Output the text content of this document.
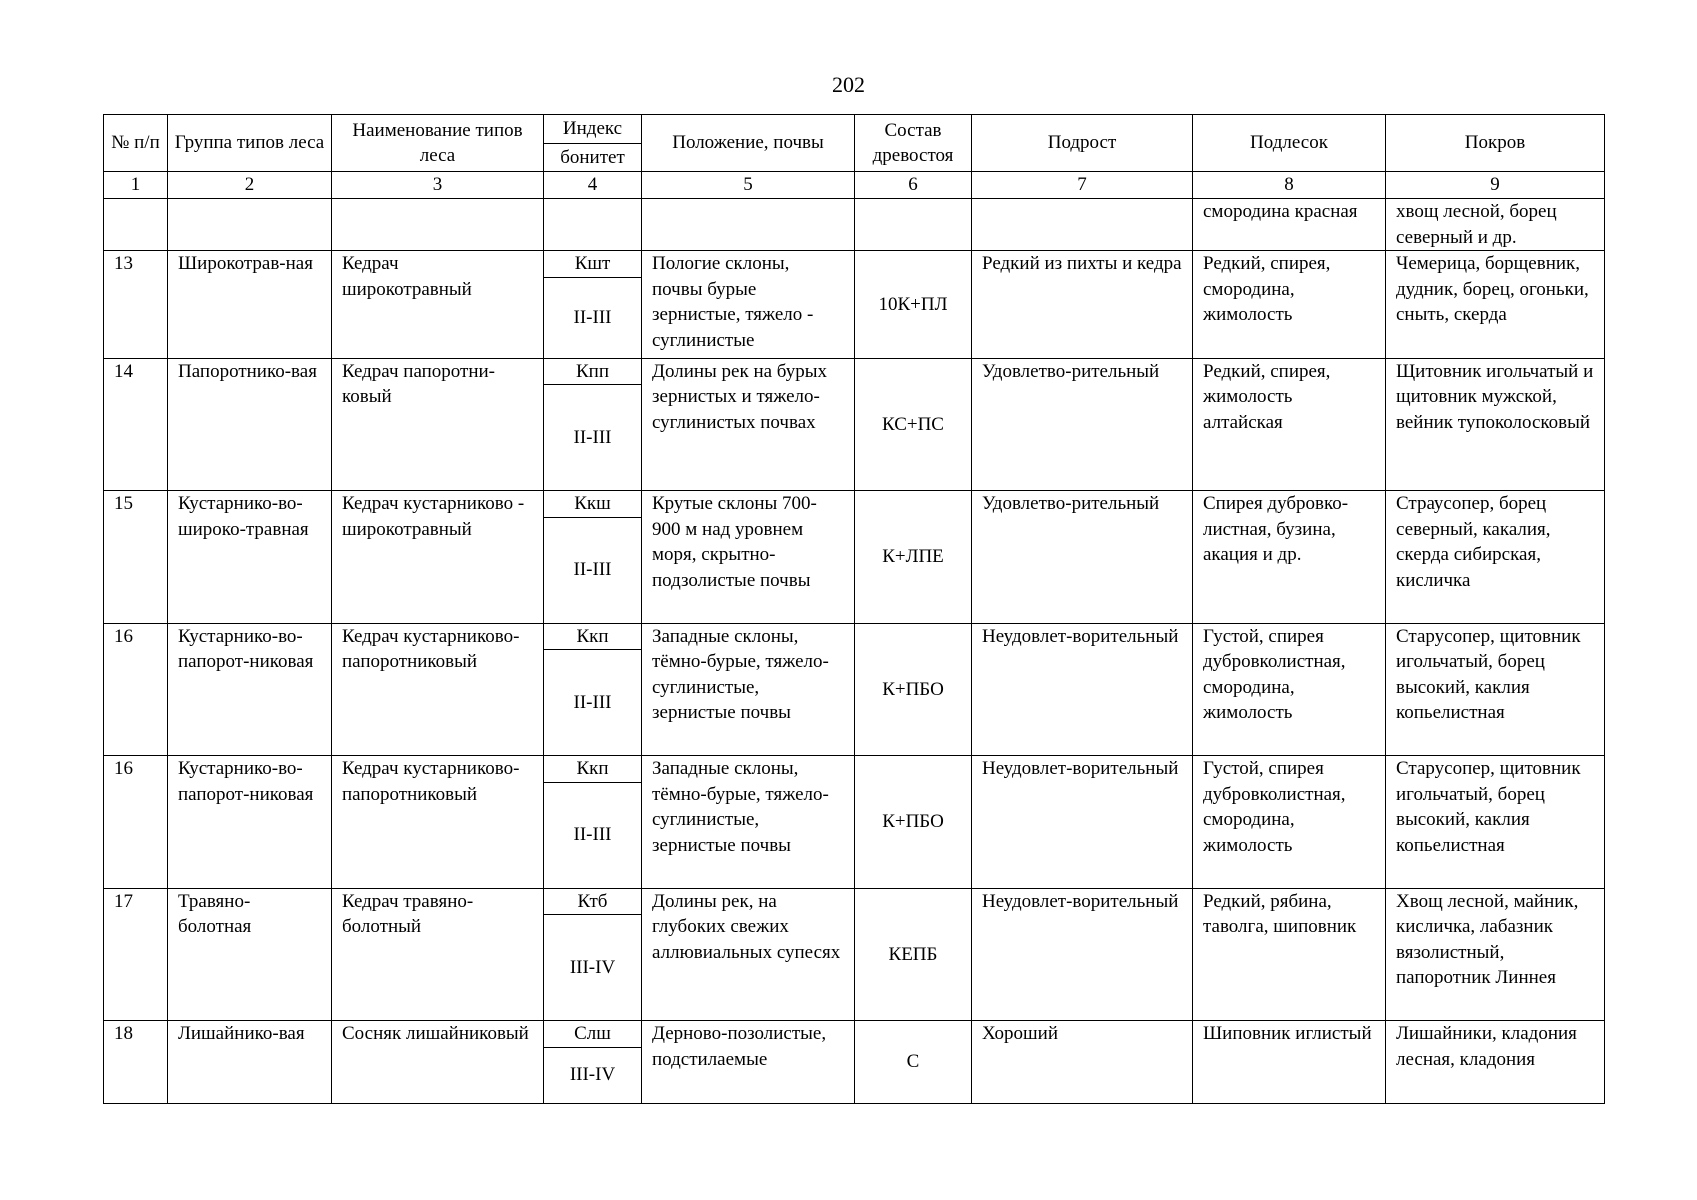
202
№ п/п	Группа типов леса	Наименование типов леса	Индекс	Положение, почвы	Состав древостоя	Подрост	Подлесок	Покров
			бонитет					
1	2	3	4	5	6	7	8	9
							смородина красная	хвощ лесной, борец северный и др.
13	Широкотрав-ная	Кедрач широкотравный	Кшт	Пологие склоны, почвы бурые зернистые, тяжело - суглинистые	10К+ПЛ	Редкий из пихты и кедра	Редкий, спирея, смородина, жимолость	Чемерица, борщевник, дудник, борец, огоньки, сныть, скерда
			II-III					
14	Папоротнико-вая	Кедрач папоротни-ковый	Кпп	Долины рек на бурых зернистых и тяжело-суглинистых почвах	КС+ПС	Удовлетво-рительный	Редкий, спирея, жимолость алтайская	Щитовник игольчатый и щитовник мужской, вейник тупоколосковый
			II-III					
15	Кустарнико-во-широко-травная	Кедрач кустарниково - широкотравный	Ккш	Крутые склоны 700-900 м над уровнем моря, скрытно-подзолистые почвы	К+ЛПЕ	Удовлетво-рительный	Спирея дубровко-листная, бузина, акация и др.	Страусопер, борец северный, какалия, скерда сибирская, кисличка
			II-III					
16	Кустарнико-во-папорот-никовая	Кедрач кустарниково-папоротниковый	Ккп	Западные склоны, тёмно-бурые, тяжело-суглинистые, зернистые почвы	К+ПБО	Неудовлет-ворительный	Густой, спирея дубровколистная, смородина, жимолость	Старусопер, щитовник игольчатый, борец высокий, каклия копьелистная
			II-III					
16	Кустарнико-во-папорот-никовая	Кедрач кустарниково-папоротниковый	Ккп	Западные склоны, тёмно-бурые, тяжело-суглинистые, зернистые почвы	К+ПБО	Неудовлет-ворительный	Густой, спирея дубровколистная, смородина, жимолость	Старусопер, щитовник игольчатый, борец высокий, каклия копьелистная
			II-III					
17	Травяно-болотная	Кедрач травяно-болотный	Ктб	Долины рек, на глубоких свежих аллювиальных супесях	КЕПБ	Неудовлет-ворительный	Редкий, рябина, таволга, шиповник	Хвощ лесной, майник, кисличка, лабазник вязолистный, папоротник Линнея
			III-IV					
18	Лишайнико-вая	Сосняк лишайниковый	Слш	Дерново-позолистые, подстилаемые	С	Хороший	Шиповник иглистый	Лишайники, кладония лесная, кладония
			III-IV					
